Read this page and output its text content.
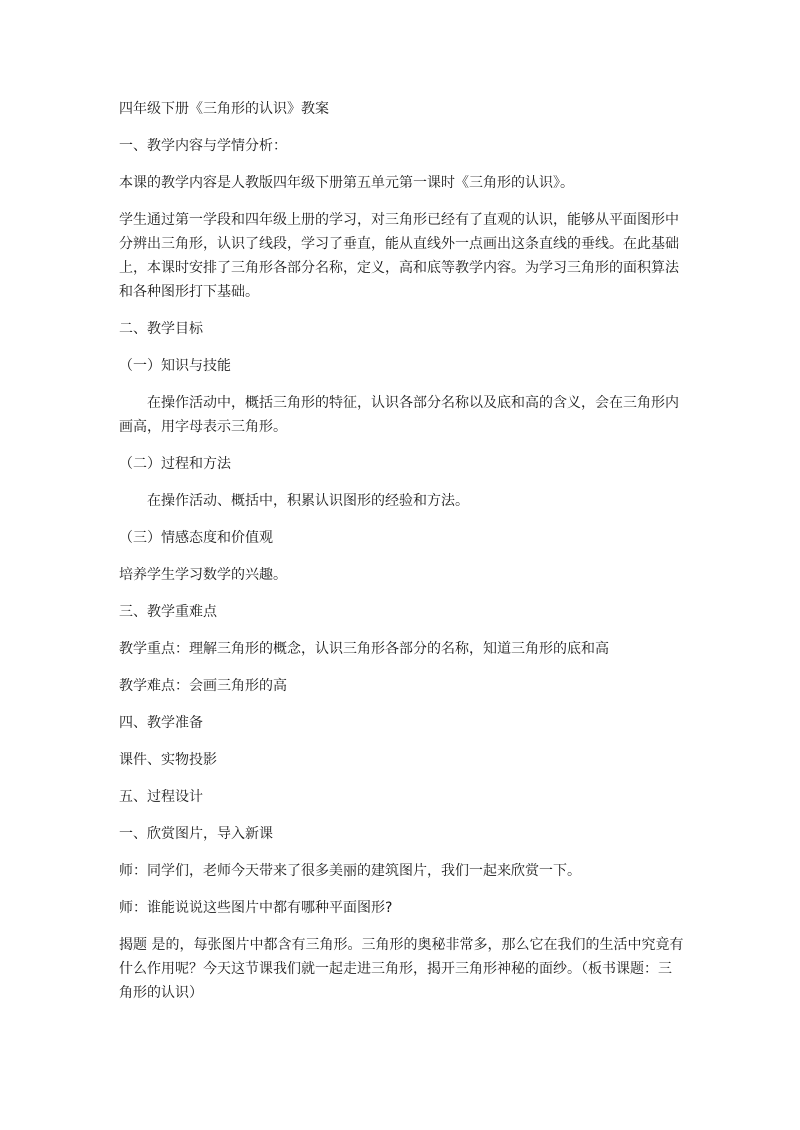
四年级下册《三角形的认识》教案

一、教学内容与学情分析：

本课的教学内容是人教版四年级下册第五单元第一课时《三角形的认识》。

学生通过第一学段和四年级上册的学习，对三角形已经有了直观的认识，能够从平面图形中分辨出三角形，认识了线段，学习了垂直，能从直线外一点画出这条直线的垂线。在此基础上，本课时安排了三角形各部分名称，定义，高和底等教学内容。为学习三角形的面积算法和各种图形打下基础。

二、教学目标

（一）知识与技能

在操作活动中，概括三角形的特征，认识各部分名称以及底和高的含义，会在三角形内画高，用字母表示三角形。

（二）过程和方法

在操作活动、概括中，积累认识图形的经验和方法。

（三）情感态度和价值观

培养学生学习数学的兴趣。

三、教学重难点

教学重点：理解三角形的概念，认识三角形各部分的名称，知道三角形的底和高

教学难点：会画三角形的高

四、教学准备

课件、实物投影

五、过程设计

一、欣赏图片，导入新课

师：同学们，老师今天带来了很多美丽的建筑图片，我们一起来欣赏一下。

师：谁能说说这些图片中都有哪种平面图形?

揭题 是的，每张图片中都含有三角形。三角形的奥秘非常多，那么它在我们的生活中究竟有什么作用呢？今天这节课我们就一起走进三角形，揭开三角形神秘的面纱。（板书课题：三角形的认识）
